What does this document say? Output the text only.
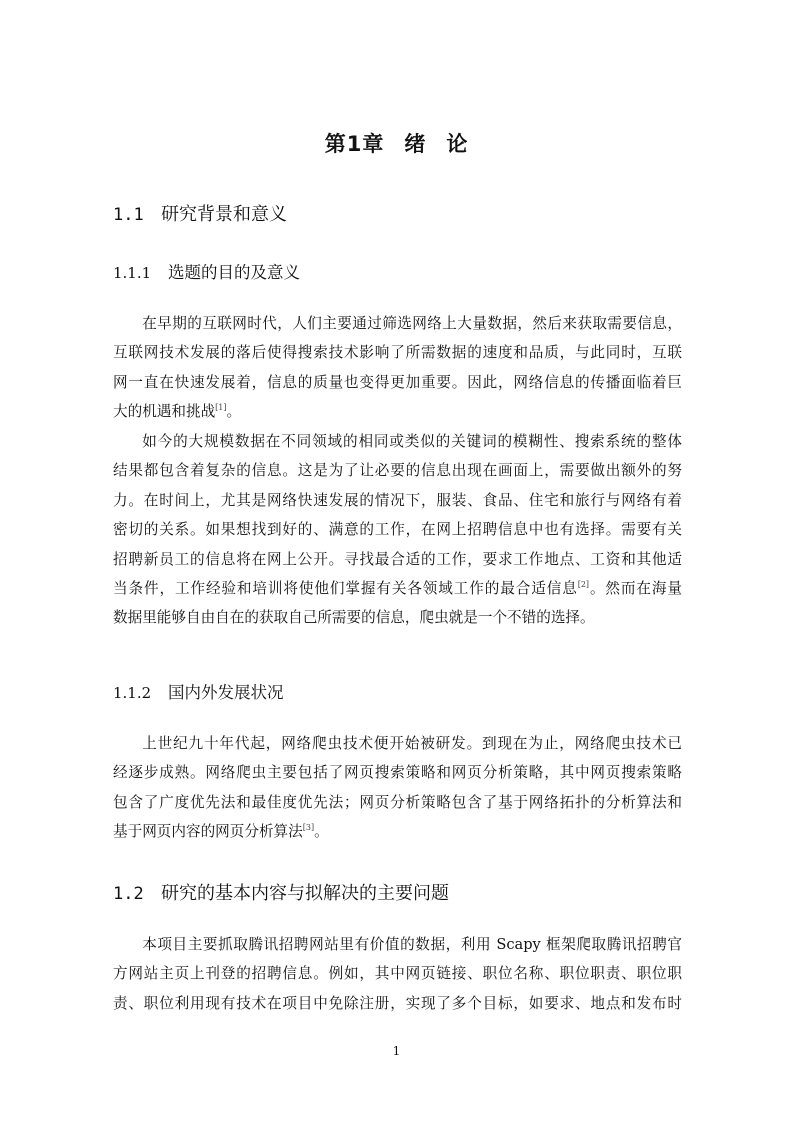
第1章 绪 论
1.1 研究背景和意义
1.1.1 选题的目的及意义
在早期的互联网时代，人们主要通过筛选网络上大量数据，然后来获取需要信息，
互联网技术发展的落后使得搜索技术影响了所需数据的速度和品质，与此同时，互联
网一直在快速发展着，信息的质量也变得更加重要。因此，网络信息的传播面临着巨
大的机遇和挑战[1]。
如今的大规模数据在不同领域的相同或类似的关键词的模糊性、搜索系统的整体
结果都包含着复杂的信息。这是为了让必要的信息出现在画面上，需要做出额外的努
力。在时间上，尤其是网络快速发展的情况下，服装、食品、住宅和旅行与网络有着
密切的关系。如果想找到好的、满意的工作，在网上招聘信息中也有选择。需要有关
招聘新员工的信息将在网上公开。寻找最合适的工作，要求工作地点、工资和其他适
当条件，工作经验和培训将使他们掌握有关各领域工作的最合适信息[2]。然而在海量
数据里能够自由自在的获取自己所需要的信息，爬虫就是一个不错的选择。
1.1.2 国内外发展状况
上世纪九十年代起，网络爬虫技术便开始被研发。到现在为止，网络爬虫技术已
经逐步成熟。网络爬虫主要包括了网页搜索策略和网页分析策略，其中网页搜索策略
包含了广度优先法和最佳度优先法；网页分析策略包含了基于网络拓扑的分析算法和
基于网页内容的网页分析算法[3]。
1.2 研究的基本内容与拟解决的主要问题
本项目主要抓取腾讯招聘网站里有价值的数据，利用 Scapy 框架爬取腾讯招聘官
方网站主页上刊登的招聘信息。例如，其中网页链接、职位名称、职位职责、职位职
责、职位利用现有技术在项目中免除注册，实现了多个目标，如要求、地点和发布时
1
